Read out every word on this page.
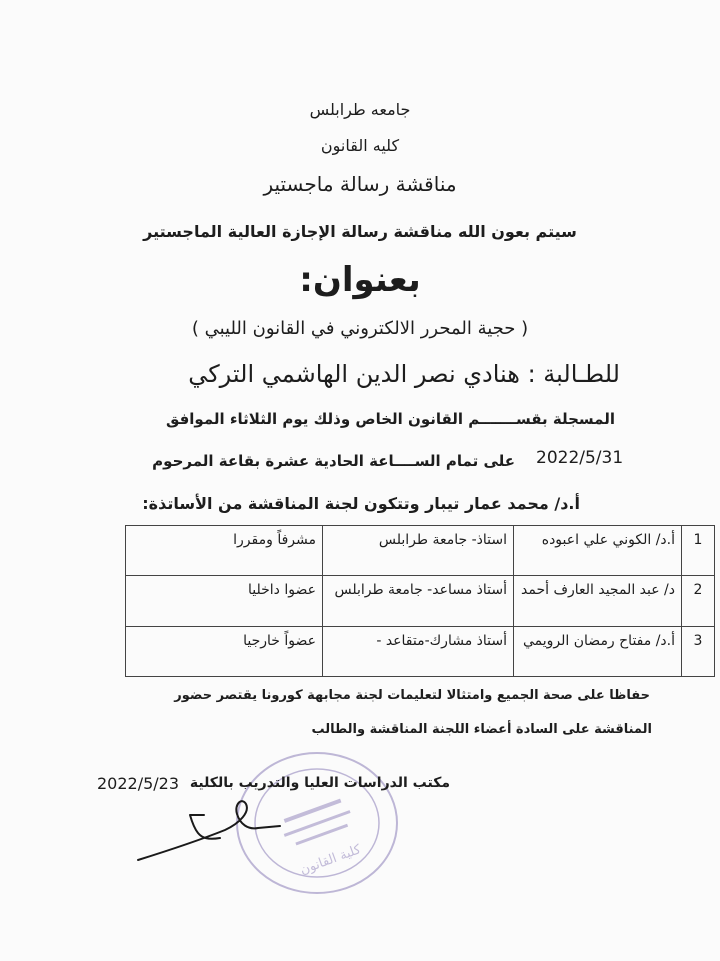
جامعه طرابلس
كليه القانون
مناقشة رسالة ماجستير
سيتم بعون الله مناقشة رسالة الإجازة العالية الماجستير
بعنوان:
( حجية المحرر الالكتروني في القانون الليبي )
للطـالبة : هنادي نصر الدين الهاشمي التركي
المسجلة بقســـــــم القانون الخاص وذلك يوم الثلاثاء الموافق
على تمام الســــاعة الحادية عشرة بقاعة المرحوم 2022/5/31
أ.د/ محمد عمار تيبار وتتكون لجنة المناقشة من الأساتذة:
1	أ.د/ الكوني علي اعبوده	استاذ- جامعة طرابلس	مشرفاً ومقررا
2	د/ عبد المجيد العارف أحمد	أستاذ مساعد- جامعة طرابلس	عضوا داخليا
3	أ.د/ مفتاح رمضان الرويمي	أستاذ مشارك-متقاعد -	عضواً خارجيا
حفاظا على صحة الجميع وامتثالا لتعليمات لجنة مجابهة كورونا يقتصر حضور
المناقشة على السادة أعضاء اللجنة المناقشة والطالب
كلية القانون
مكتب الدراسات العليا والتدريب بالكلية
2022/5/23
